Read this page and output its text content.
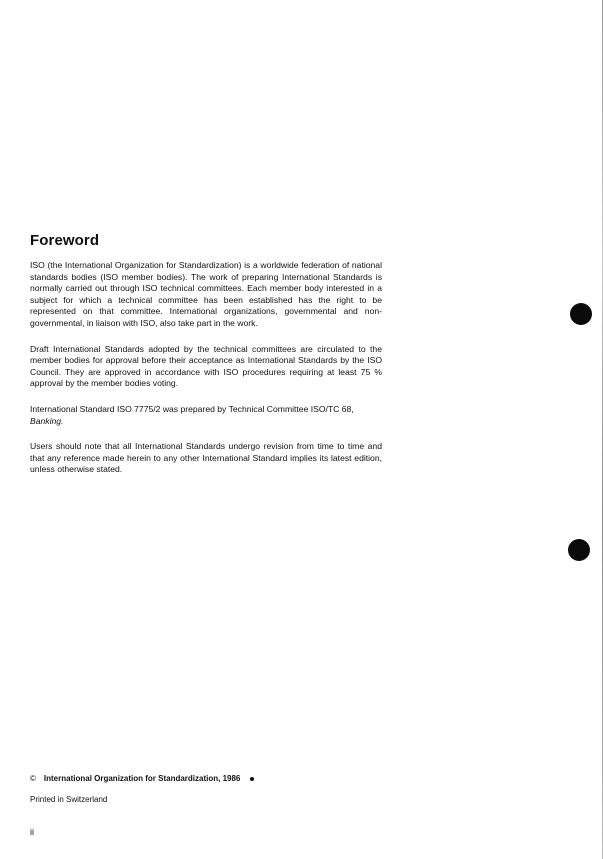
Foreword

ISO (the International Organization for Standardization) is a worldwide federation of national standards bodies (ISO member bodies). The work of preparing International Standards is normally carried out through ISO technical committees. Each member body interested in a subject for which a technical committee has been established has the right to be represented on that committee. International organizations, governmental and non-governmental, in liaison with ISO, also take part in the work.

Draft International Standards adopted by the technical committees are circulated to the member bodies for approval before their acceptance as International Standards by the ISO Council. They are approved in accordance with ISO procedures requiring at least 75 % approval by the member bodies voting.

International Standard ISO 7775/2 was prepared by Technical Committee ISO/TC 68,
Banking.

Users should note that all International Standards undergo revision from time to time and that any reference made herein to any other International Standard implies its latest edition, unless otherwise stated.

© International Organization for Standardization, 1986
Printed in Switzerland
ii
